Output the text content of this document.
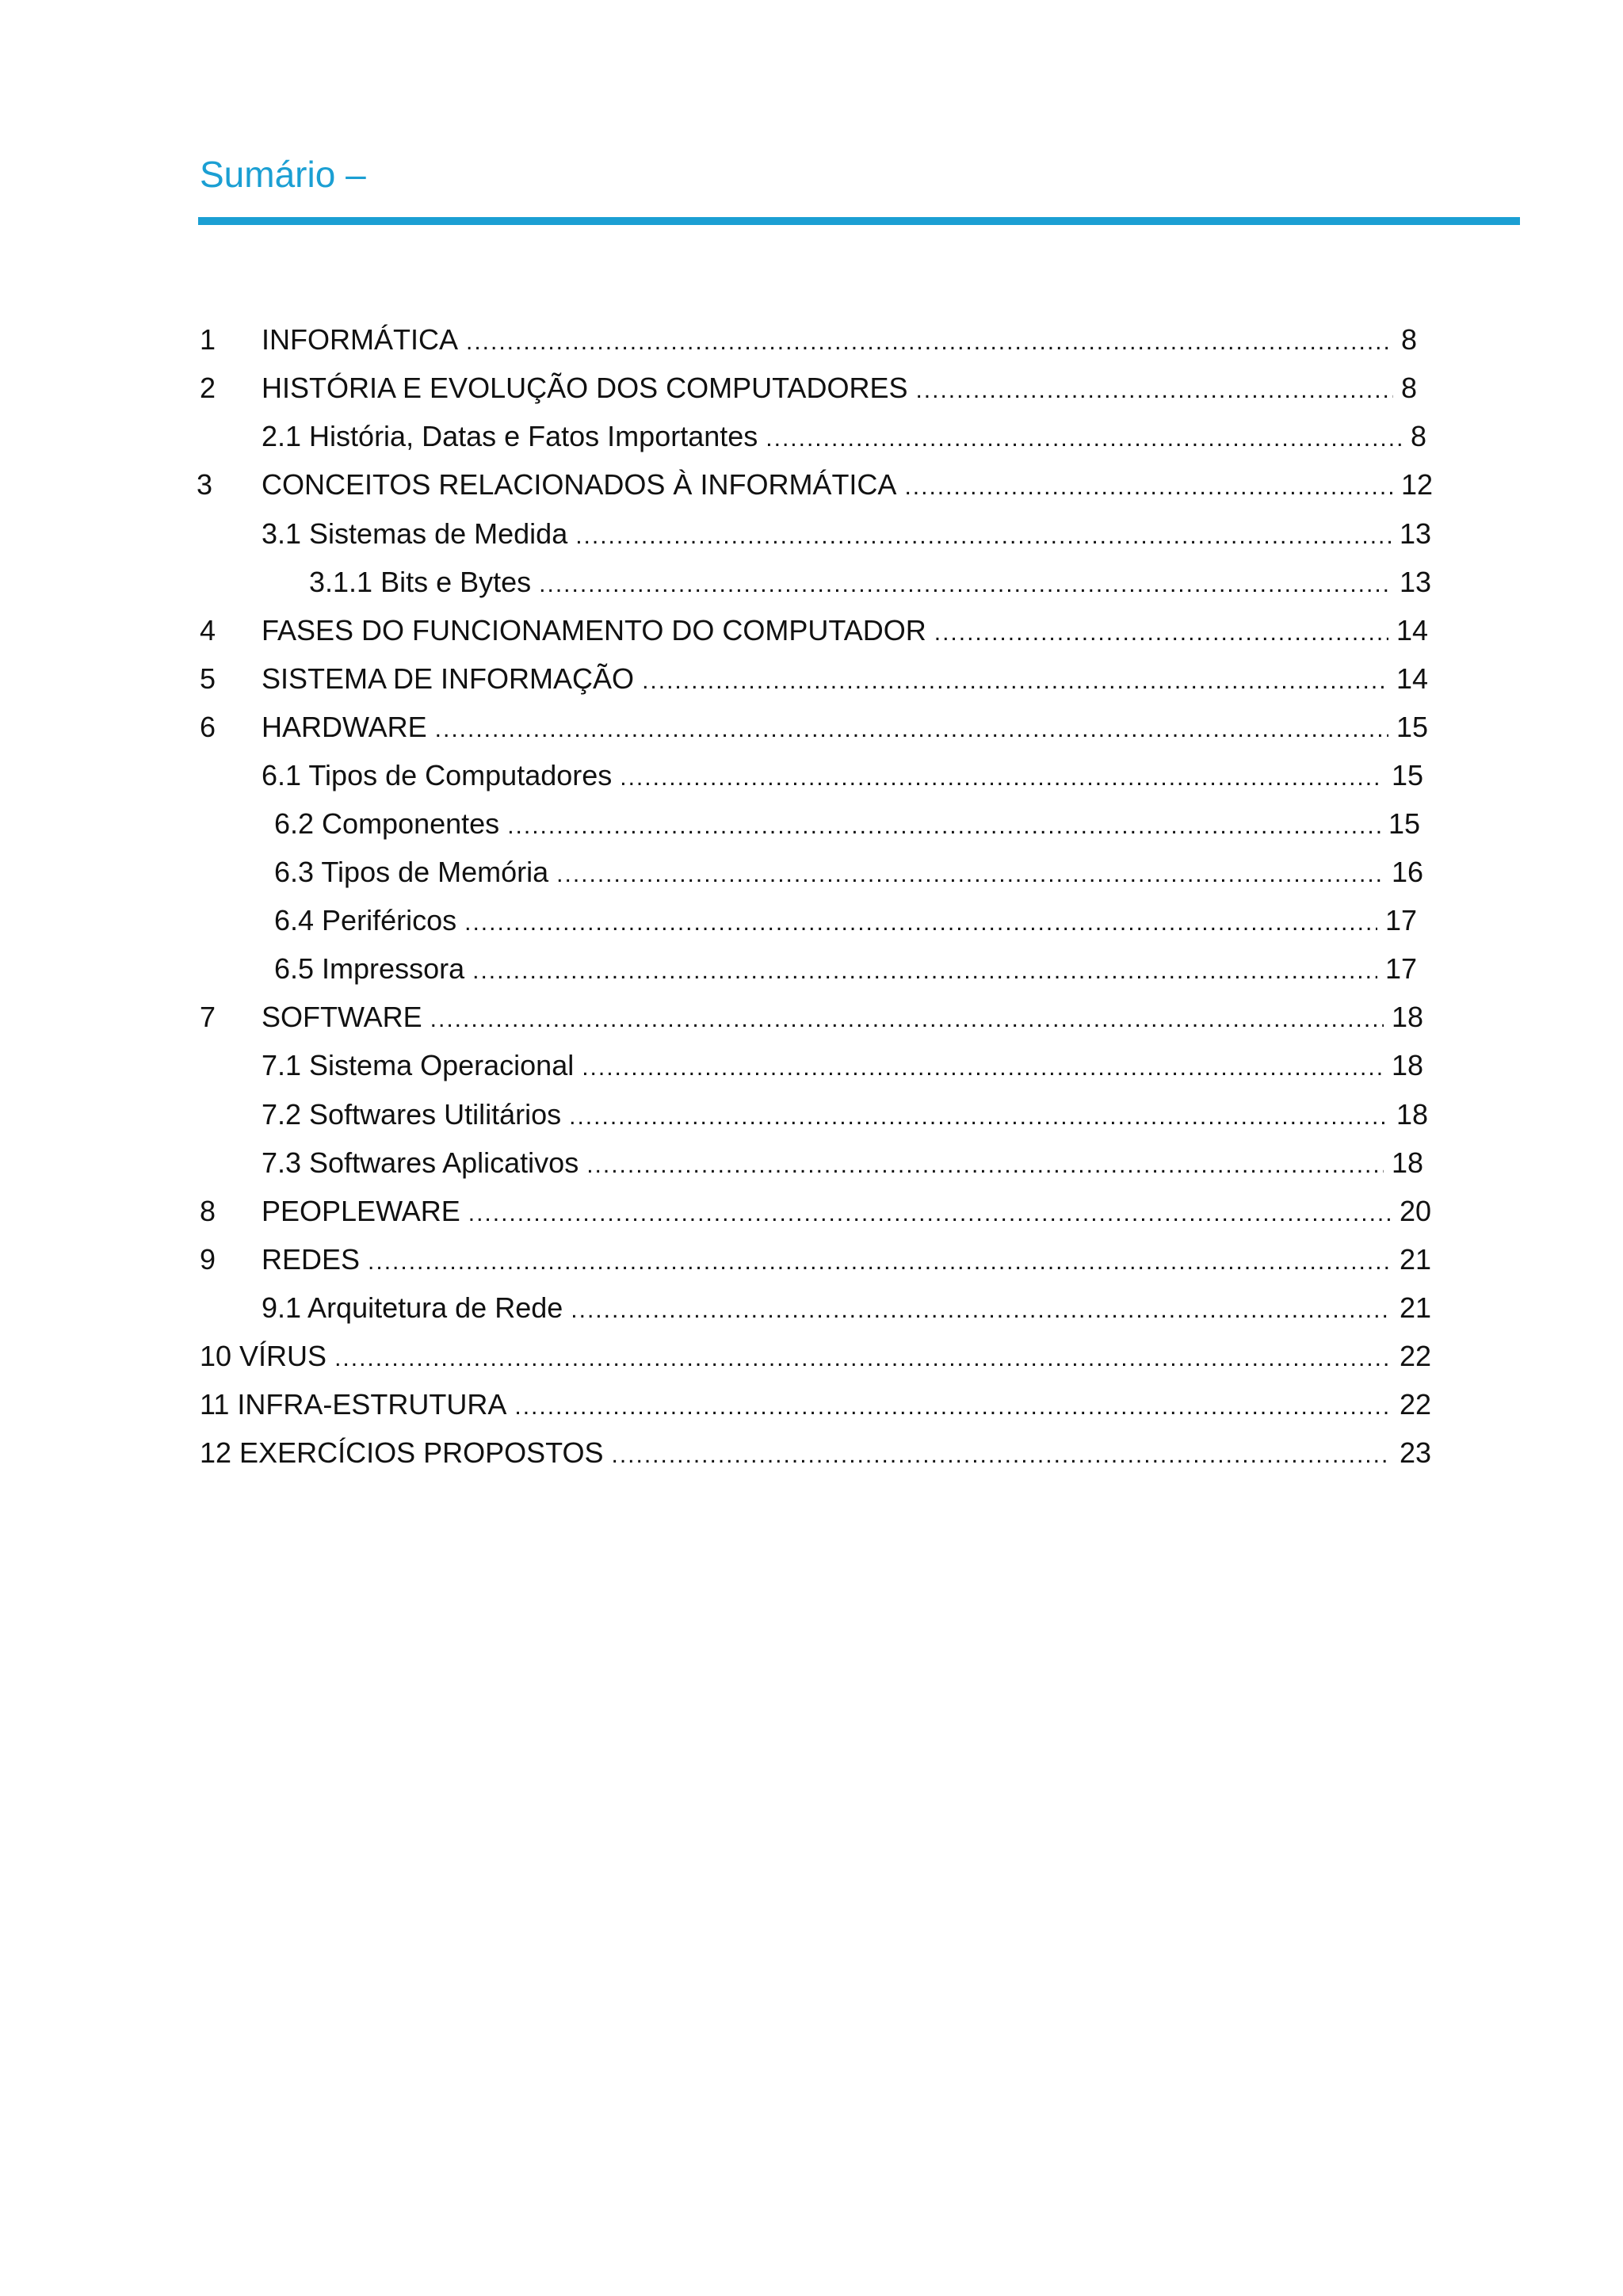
Sumário –
1	INFORMÁTICA .....	8
2	HISTÓRIA E EVOLUÇÃO DOS COMPUTADORES .....	8
2.1 História, Datas e Fatos Importantes .....	8
3	CONCEITOS RELACIONADOS À INFORMÁTICA .....	12
3.1 Sistemas de Medida .....	13
3.1.1 Bits e Bytes .....	13
4	FASES DO FUNCIONAMENTO DO COMPUTADOR .....	14
5	SISTEMA DE INFORMAÇÃO .....	14
6	HARDWARE .....	15
6.1 Tipos de Computadores .....	15
6.2 Componentes .....	15
6.3 Tipos de Memória .....	16
6.4 Periféricos .....	17
6.5 Impressora .....	17
7	SOFTWARE .....	18
7.1 Sistema Operacional .....	18
7.2 Softwares Utilitários .....	18
7.3 Softwares Aplicativos .....	18
8	PEOPLEWARE .....	20
9	REDES .....	21
9.1 Arquitetura de Rede .....	21
10 VÍRUS .....	22
11 INFRA-ESTRUTURA .....	22
12 EXERCÍCIOS PROPOSTOS .....	23
